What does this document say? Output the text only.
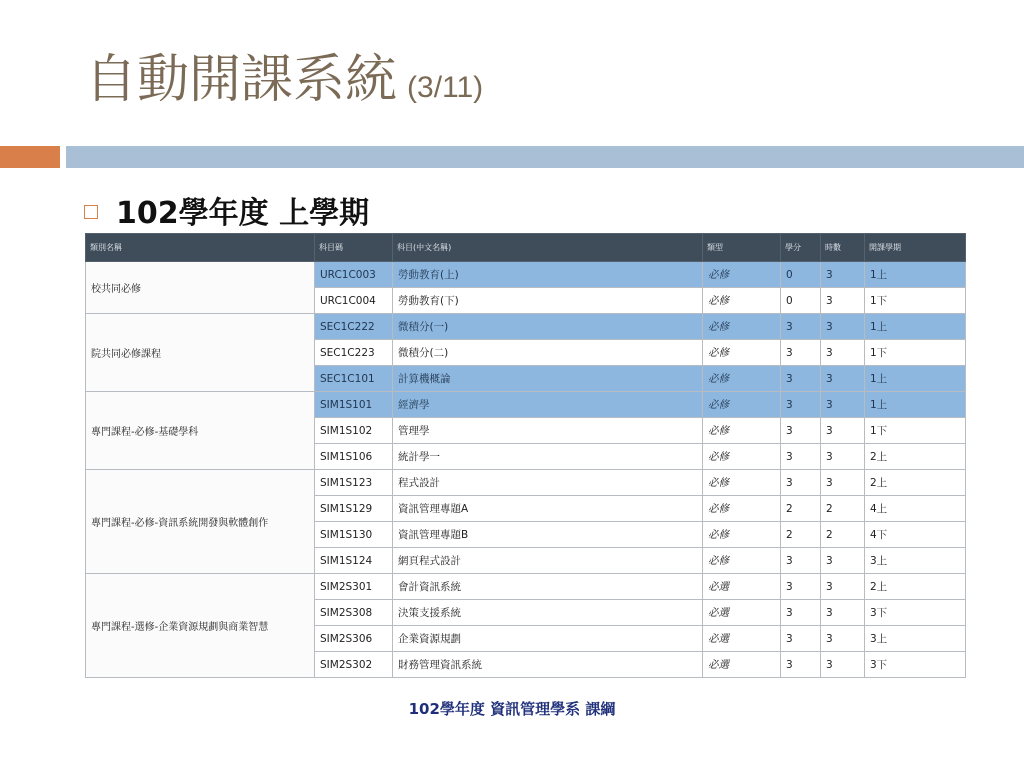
自動開課系統 (3/11)
102學年度 上學期
類別名稱	科目碼	科目(中文名稱)	類型	學分	時數	開課學期
校共同必修	URC1C003	勞動教育(上)	必修	0	3	1上
	URC1C004	勞動教育(下)	必修	0	3	1下
院共同必修課程	SEC1C222	微積分(一)	必修	3	3	1上
	SEC1C223	微積分(二)	必修	3	3	1下
	SEC1C101	計算機概論	必修	3	3	1上
專門課程-必修-基礎學科	SIM1S101	經濟學	必修	3	3	1上
	SIM1S102	管理學	必修	3	3	1下
	SIM1S106	統計學一	必修	3	3	2上
專門課程-必修-資訊系統開發與軟體創作	SIM1S123	程式設計	必修	3	3	2上
	SIM1S129	資訊管理專題A	必修	2	2	4上
	SIM1S130	資訊管理專題B	必修	2	2	4下
	SIM1S124	網頁程式設計	必修	3	3	3上
專門課程-選修-企業資源規劃與商業智慧	SIM2S301	會計資訊系統	必選	3	3	2上
	SIM2S308	決策支援系統	必選	3	3	3下
	SIM2S306	企業資源規劃	必選	3	3	3上
	SIM2S302	財務管理資訊系統	必選	3	3	3下
102學年度 資訊管理學系 課綱
